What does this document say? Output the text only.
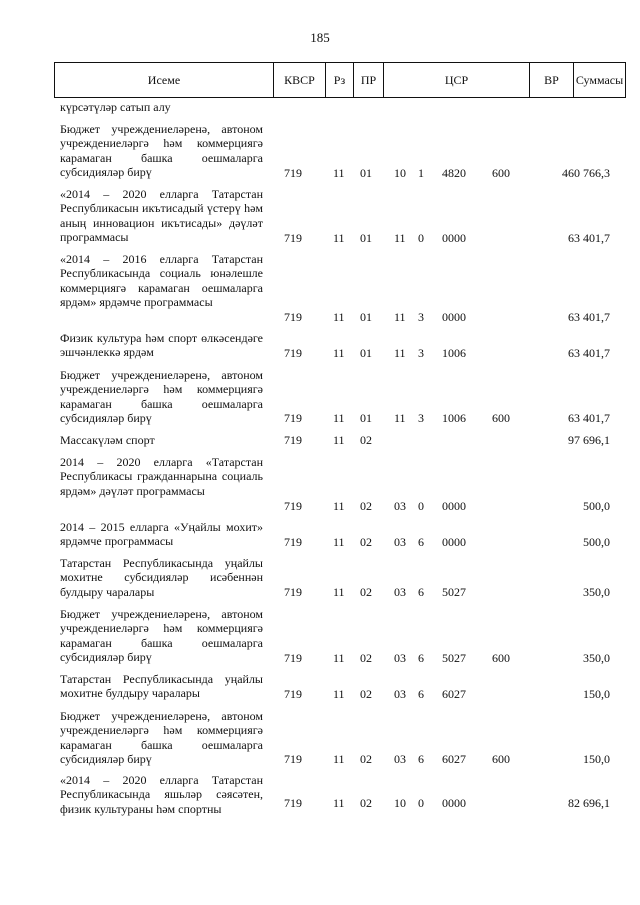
185
Исеме	КВСР	Рз	ПР	ЦСР	ВР	Суммасы
күрсәтүләр сатып алу
Бюджет учреждениеләренә, автоном учреждениеләргә һәм коммерциягә карамаган башка оешмаларга субсидияләр бирү	719	11 01 10 1 4820 600	460 766,3
«2014 – 2020 елларга Татарстан Республикасын икътисадый үстерү һәм аның инновацион икътисады» дәүләт программасы	719	11 01 11 0 0000	63 401,7
«2014 – 2016 елларга Татарстан Республикасында социаль юнәлешле коммерциягә карамаган оешмаларга ярдәм» ярдәмче программасы
719	11 01 11 3 0000	63 401,7
Физик культура һәм спорт өлкәсендәге эшчәнлеккә ярдәм	719	11 01 11 3 1006	63 401,7
Бюджет учреждениеләренә, автоном учреждениеләргә һәм коммерциягә карамаган башка оешмаларга субсидияләр бирү	719	11 01 11 3 1006 600	63 401,7
Массакүләм спорт	719	11 02	97 696,1
2014 – 2020 елларга «Татарстан Республикасы гражданнарына социаль ярдәм» дәүләт программасы
719	11 02 03 0 0000	500,0
2014 – 2015 елларга «Уңайлы мохит» ярдәмче программасы	719	11 02 03 6 0000	500,0
Татарстан Республикасында уңайлы мохитне субсидияләр исәбеннән булдыру чаралары	719	11 02 03 6 5027	350,0
Бюджет учреждениеләренә, автоном учреждениеләргә һәм коммерциягә карамаган башка оешмаларга субсидияләр бирү	719	11 02 03 6 5027 600	350,0
Татарстан Республикасында уңайлы мохитне булдыру чаралары	719	11 02 03 6 6027	150,0
Бюджет учреждениеләренә, автоном учреждениеләргә һәм коммерциягә карамаган башка оешмаларга субсидияләр бирү	719	11 02 03 6 6027 600	150,0
«2014 – 2020 елларга Татарстан Республикасында яшьләр сәясәтен, физик культураны һәм спортны	719	11 02 10 0 0000	82 696,1
